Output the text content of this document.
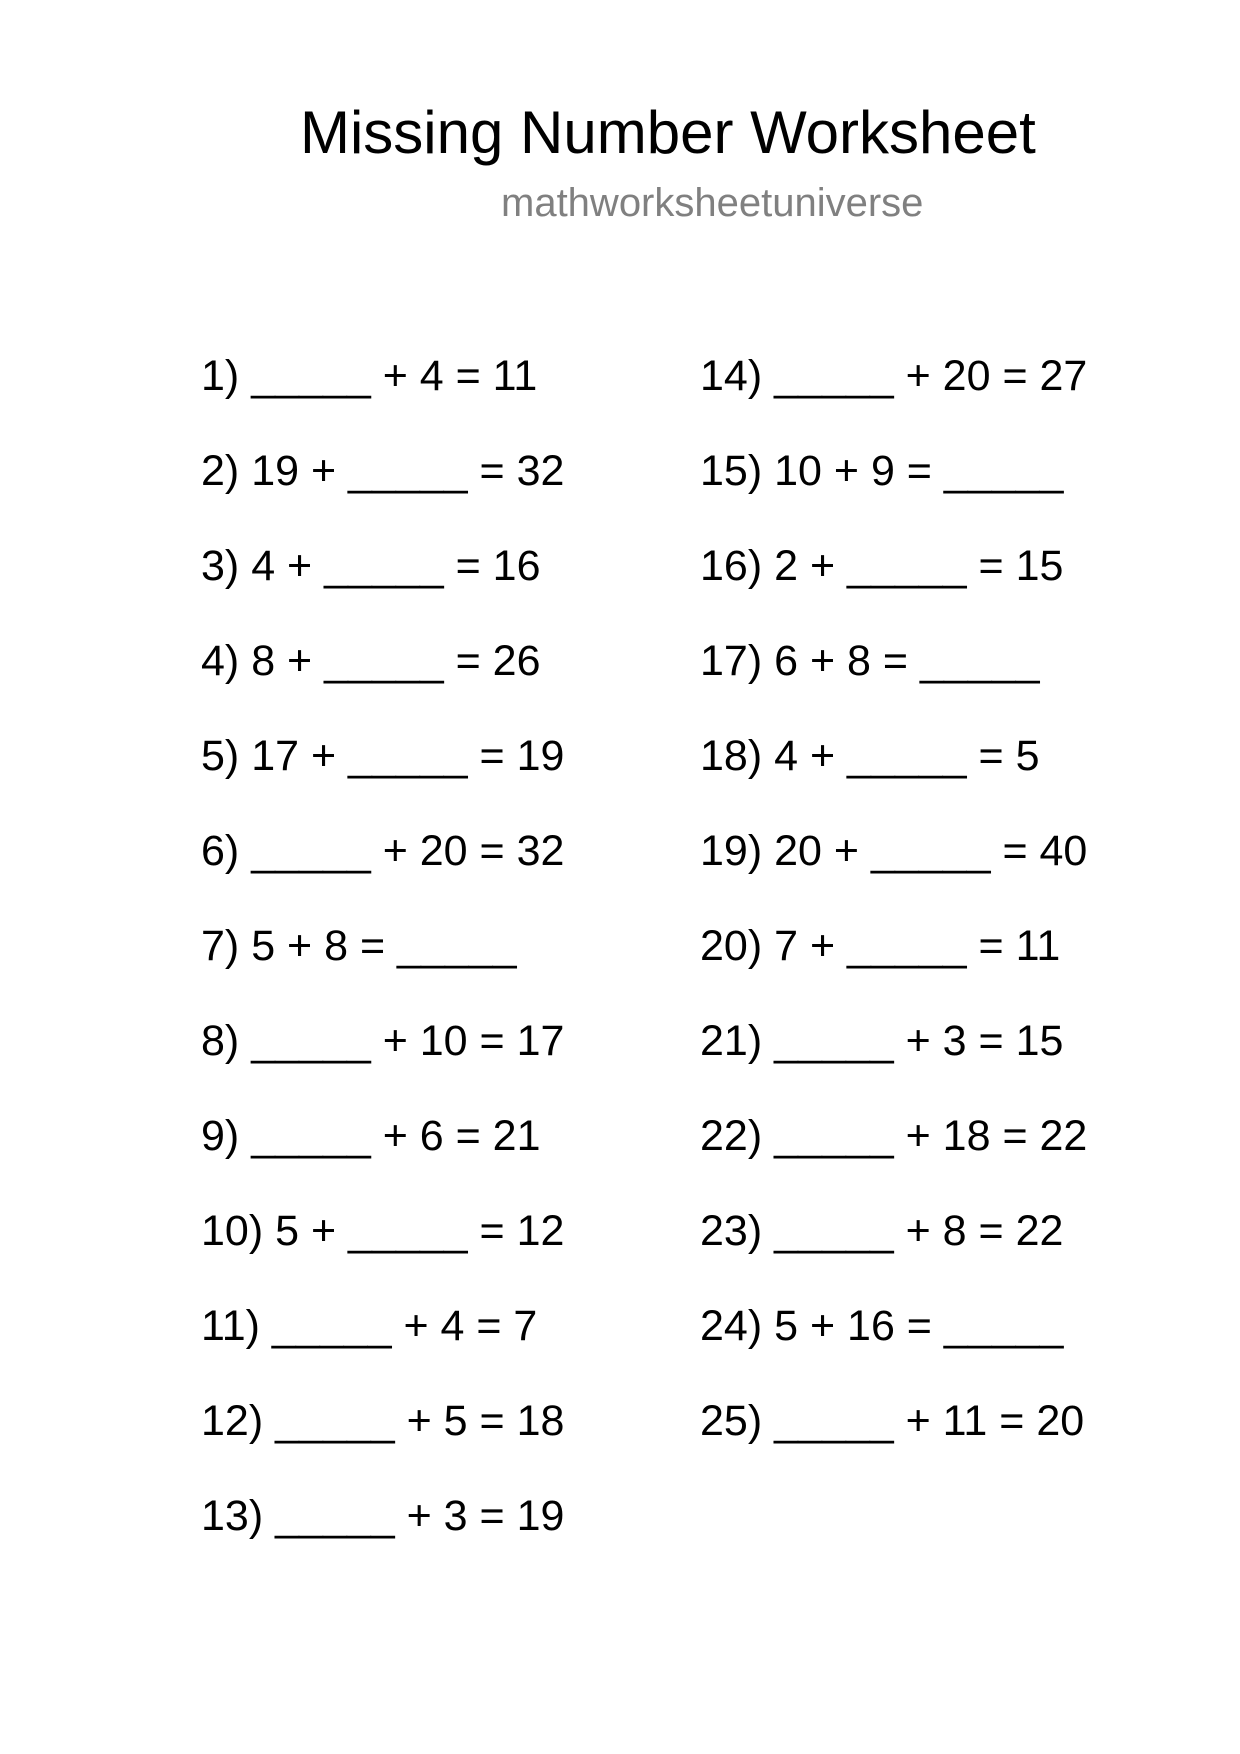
Missing Number Worksheet
mathworksheetuniverse
1) _____ + 4 = 11
2) 19 + _____ = 32
3) 4 + _____ = 16
4) 8 + _____ = 26
5) 17 + _____ = 19
6) _____ + 20 = 32
7) 5 + 8 = _____
8) _____ + 10 = 17
9) _____ + 6 = 21
10) 5 + _____ = 12
11) _____ + 4 = 7
12) _____ + 5 = 18
13) _____ + 3 = 19
14) _____ + 20 = 27
15) 10 + 9 = _____
16) 2 + _____ = 15
17) 6 + 8 = _____
18) 4 + _____ = 5
19) 20 + _____ = 40
20) 7 + _____ = 11
21) _____ + 3 = 15
22) _____ + 18 = 22
23) _____ + 8 = 22
24) 5 + 16 = _____
25) _____ + 11 = 20
